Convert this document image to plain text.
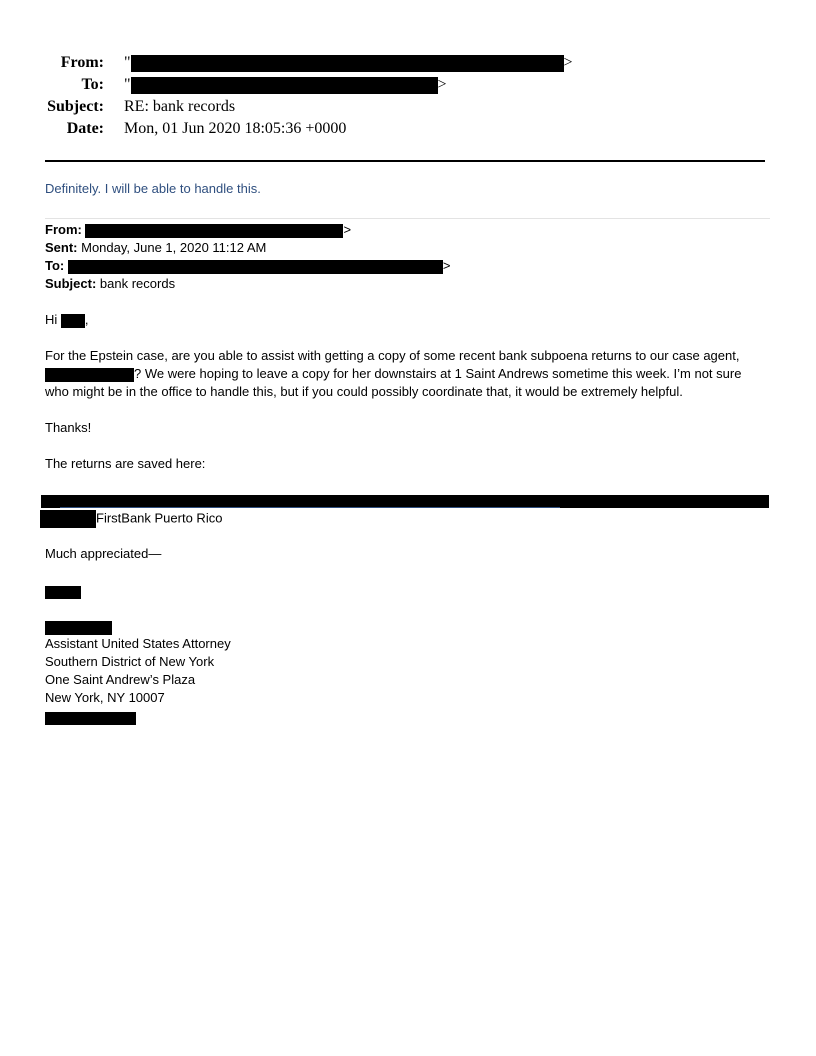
From: "	>
To: "	>
Subject: RE: bank records
Date: Mon, 01 Jun 2020 18:05:36 +0000
Definitely. I will be able to handle this.
From:	>
Sent: Monday, June 1, 2020 11:12 AM
To:	>
Subject: bank records
Hi ,
For the Epstein case, are you able to assist with getting a copy of some recent bank subpoena returns to our case agent,
? We were hoping to leave a copy for her downstairs at 1 Saint Andrews sometime this week. I’m not sure
who might be in the office to handle this, but if you could possibly coordinate that, it would be extremely helpful.
Thanks!
The returns are saved here:
FirstBank Puerto Rico
Much appreciated—
Assistant United States Attorney
Southern District of New York
One Saint Andrew’s Plaza
New York, NY 10007
